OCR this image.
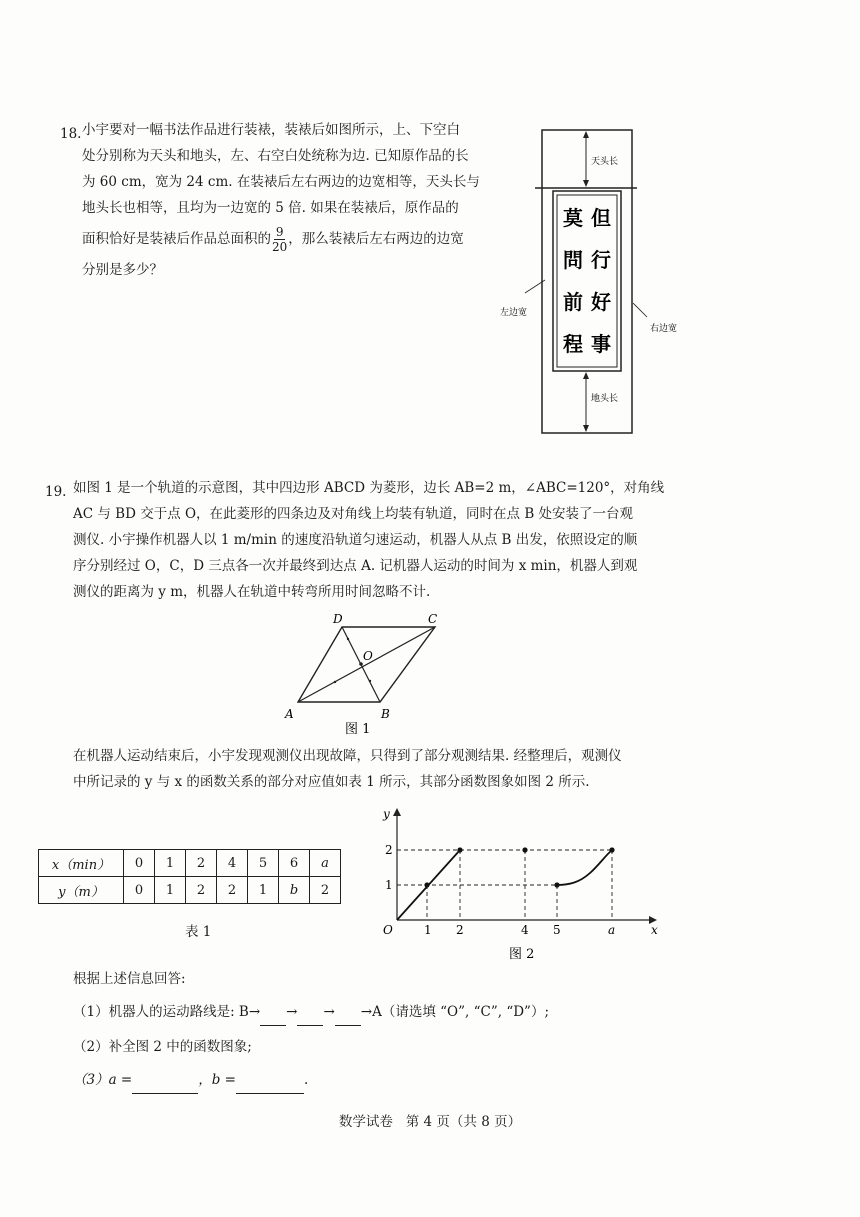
18. 小宇要对一幅书法作品进行装裱，装裱后如图所示，上、下空白
处分别称为天头和地头，左、右空白处统称为边. 已知原作品的长
为 60 cm，宽为 24 cm. 在装裱后左右两边的边宽相等，天头长与
地头长也相等，且均为一边宽的 5 倍. 如果在装裱后，原作品的
面积恰好是装裱后作品总面积的 $\frac{9}{20}$ ，那么装裱后左右两边的边宽
分别是多少？
天头长
地头长
莫
問
前
程
但
行
好
事
左边宽
右边宽
19. 如图 1 是一个轨道的示意图，其中四边形 ABCD 为菱形，边长 AB=2 m，∠ABC=120°，对角线
AC 与 BD 交于点 O，在此菱形的四条边及对角线上均装有轨道，同时在点 B 处安装了一台观
测仪. 小宇操作机器人以 1 m/min 的速度沿轨道匀速运动，机器人从点 B 出发，依照设定的顺
序分别经过 O，C，D 三点各一次并最终到达点 A. 记机器人运动的时间为 x min，机器人到观
测仪的距离为 y m，机器人在轨道中转弯所用时间忽略不计.
A	B
C
D
O
图 1
在机器人运动结束后，小宇发现观测仪出现故障，只得到了部分观测结果. 经整理后，观测仪
中所记录的 y 与 x 的函数关系的部分对应值如表 1 所示，其部分函数图象如图 2 所示.
x（min）	0	1	2	4	5	6	a
y（m）	0	1	2	2	1	b	2
表 1
y
x
O	1 2	4 5	a
1
2
图 2
根据上述信息回答:
（1）机器人的运动路线是: B→ → → →A（请选填 “O”, “C”, “D”）;
（2）补全图 2 中的函数图象;
（3）a =	，b =	.
数学试卷   第 4 页（共 8 页）
